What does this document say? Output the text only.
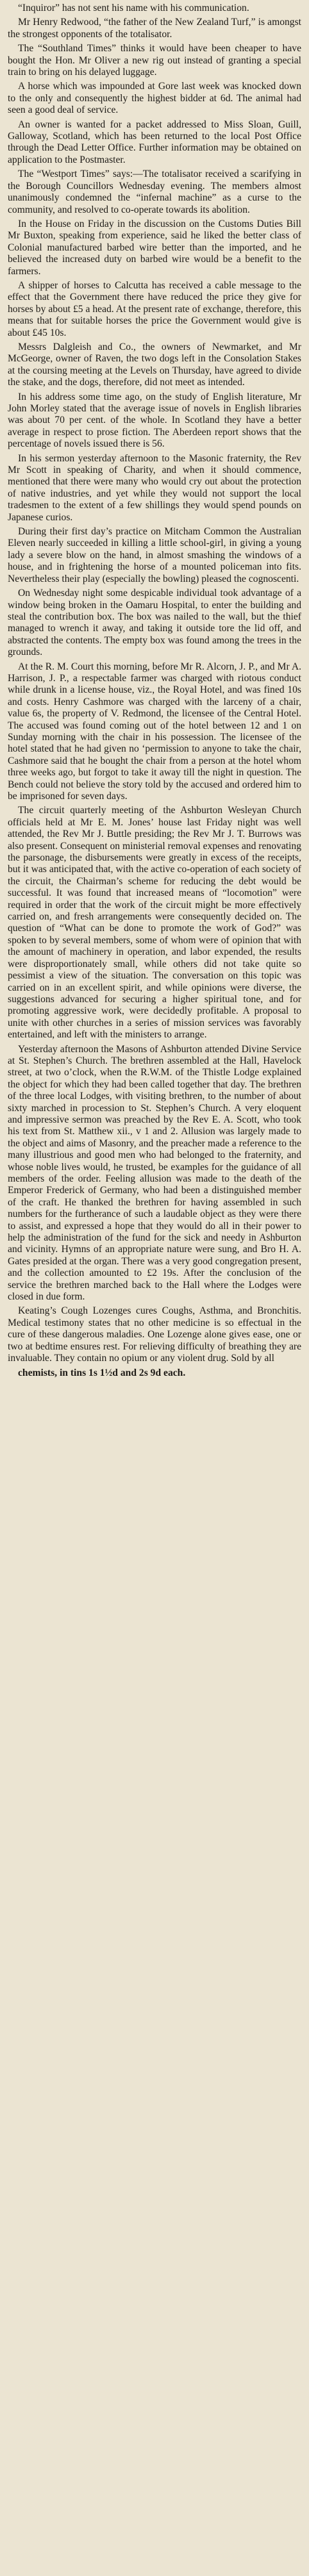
“Inquiror” has not sent his name with his communication.

Mr Henry Redwood, “the father of the New Zealand Turf,” is amongst the strongest opponents of the totalisator.

The “Southland Times” thinks it would have been cheaper to have bought the Hon. Mr Oliver a new rig out instead of granting a special train to bring on his delayed luggage.

A horse which was impounded at Gore last week was knocked down to the only and consequently the highest bidder at 6d. The animal had seen a good deal of service.

An owner is wanted for a packet addressed to Miss Sloan, Guill, Galloway, Scotland, which has been returned to the local Post Office through the Dead Letter Office. Further information may be obtained on application to the Postmaster.

The “Westport Times” says:—The totalisator received a scarifying in the Borough Councillors Wednesday evening. The members almost unanimously condemned the “infernal machine” as a curse to the community, and resolved to co-operate towards its abolition.

In the House on Friday in the discussion on the Customs Duties Bill Mr Buxton, speaking from experience, said he liked the better class of Colonial manufactured barbed wire better than the imported, and he believed the increased duty on barbed wire would be a benefit to the farmers.

A shipper of horses to Calcutta has received a cable message to the effect that the Government there have reduced the price they give for horses by about £5 a head. At the present rate of exchange, therefore, this means that for suitable horses the price the Government would give is about £45 10s.

Messrs Dalgleish and Co., the owners of Newmarket, and Mr McGeorge, owner of Raven, the two dogs left in the Consolation Stakes at the coursing meeting at the Levels on Thursday, have agreed to divide the stake, and the dogs, therefore, did not meet as intended.

In his address some time ago, on the study of English literature, Mr John Morley stated that the average issue of novels in English libraries was about 70 per cent. of the whole. In Scotland they have a better average in respect to prose fiction. The Aberdeen report shows that the percentage of novels issued there is 56.

In his sermon yesterday afternoon to the Masonic fraternity, the Rev Mr Scott in speaking of Charity, and when it should commence, mentioned that there were many who would cry out about the protection of native industries, and yet while they would not support the local tradesmen to the extent of a few shillings they would spend pounds on Japanese curios.

During their first day’s practice on Mitcham Common the Australian Eleven nearly succeeded in killing a little school-girl, in giving a young lady a severe blow on the hand, in almost smashing the windows of a house, and in frightening the horse of a mounted policeman into fits. Nevertheless their play (especially the bowling) pleased the cognoscenti.

On Wednesday night some despicable individual took advantage of a window being broken in the Oamaru Hospital, to enter the building and steal the contribution box. The box was nailed to the wall, but the thief managed to wrench it away, and taking it outside tore the lid off, and abstracted the contents. The empty box was found among the trees in the grounds.

At the R. M. Court this morning, before Mr R. Alcorn, J. P., and Mr A. Harrison, J. P., a respectable farmer was charged with riotous conduct while drunk in a license house, viz., the Royal Hotel, and was fined 10s and costs. Henry Cashmore was charged with the larceny of a chair, value 6s, the property of V. Redmond, the licensee of the Central Hotel. The accused was found coming out of the hotel between 12 and 1 on Sunday morning with the chair in his possession. The licensee of the hotel stated that he had given no ‘permission to anyone to take the chair, Cashmore said that he bought the chair from a person at the hotel whom three weeks ago, but forgot to take it away till the night in question. The Bench could not believe the story told by the accused and ordered him to be imprisoned for seven days.

The circuit quarterly meeting of the Ashburton Wesleyan Church officials held at Mr E. M. Jones’ house last Friday night was well attended, the Rev Mr J. Buttle presiding; the Rev Mr J. T. Burrows was also present. Consequent on ministerial removal expenses and renovating the parsonage, the disbursements were greatly in excess of the receipts, but it was anticipated that, with the active co-operation of each society of the circuit, the Chairman’s scheme for reducing the debt would be successful. It was found that increased means of “locomotion” were required in order that the work of the circuit might be more effectively carried on, and fresh arrangements were consequently decided on. The question of “What can be done to promote the work of God?” was spoken to by several members, some of whom were of opinion that with the amount of machinery in operation, and labor expended, the results were disproportionately small, while others did not take quite so pessimist a view of the situation. The conversation on this topic was carried on in an excellent spirit, and while opinions were diverse, the suggestions advanced for securing a higher spiritual tone, and for promoting aggressive work, were decidedly profitable. A proposal to unite with other churches in a series of mission services was favorably entertained, and left with the ministers to arrange.

Yesterday afternoon the Masons of Ashburton attended Divine Service at St. Stephen’s Church. The brethren assembled at the Hall, Havelock street, at two o’clock, when the R.W.M. of the Thistle Lodge explained the object for which they had been called together that day. The brethren of the three local Lodges, with visiting brethren, to the number of about sixty marched in procession to St. Stephen’s Church. A very eloquent and impressive sermon was preached by the Rev E. A. Scott, who took his text from St. Matthew xii., v 1 and 2. Allusion was largely made to the object and aims of Masonry, and the preacher made a reference to the many illustrious and good men who had belonged to the fraternity, and whose noble lives would, he trusted, be examples for the guidance of all members of the order. Feeling allusion was made to the death of the Emperor Frederick of Germany, who had been a distinguished member of the craft. He thanked the brethren for having assembled in such numbers for the furtherance of such a laudable object as they were there to assist, and expressed a hope that they would do all in their power to help the administration of the fund for the sick and needy in Ashburton and vicinity. Hymns of an appropriate nature were sung, and Bro H. A. Gates presided at the organ. There was a very good congregation present, and the collection amounted to £2 19s. After the conclusion of the service the brethren marched back to the Hall where the Lodges were closed in due form.

Keating’s Cough Lozenges cures Coughs, Asthma, and Bronchitis. Medical testimony states that no other medicine is so effectual in the cure of these dangerous maladies. One Lozenge alone gives ease, one or two at bedtime ensures rest. For relieving difficulty of breathing they are invaluable. They contain no opium or any violent drug. Sold by all

chemists, in tins 1s 1½d and 2s 9d each.
